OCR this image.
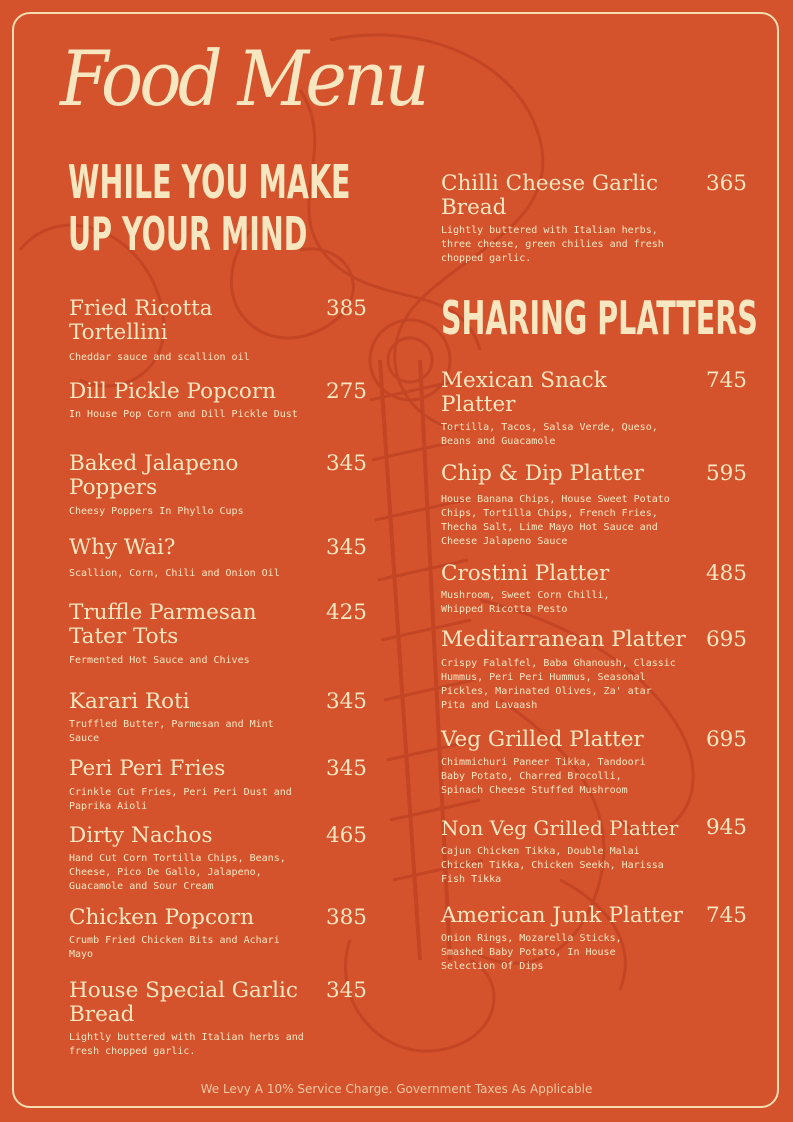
Food Menu
WHILE YOU MAKE
UP YOUR MIND
SHARING PLATTERS
Fried Ricotta Tortellini
385
Cheddar sauce and scallion oil
Dill Pickle Popcorn	275
In House Pop Corn and Dill Pickle Dust
Baked Jalapeno Poppers
345
Cheesy Poppers In Phyllo Cups
Why Wai?	345
Scallion, Corn, Chili and Onion Oil
Truffle Parmesan Tater Tots
425
Fermented Hot Sauce and Chives
Karari Roti	345
Truffled Butter, Parmesan and Mint Sauce
Peri Peri Fries	345
Crinkle Cut Fries, Peri Peri Dust and Paprika Aioli
Dirty Nachos	465
Hand Cut Corn Tortilla Chips, Beans, Cheese, Pico De Gallo, Jalapeno, Guacamole and Sour Cream
Chicken Popcorn	385
Crumb Fried Chicken Bits and Achari Mayo
House Special Garlic Bread
345
Lightly buttered with Italian herbs and fresh chopped garlic.
Chilli Cheese Garlic Bread
365
Lightly buttered with Italian herbs, three cheese, green chilies and fresh chopped garlic.
Mexican Snack Platter
745
Tortilla, Tacos, Salsa Verde, Queso, Beans and Guacamole
Chip & Dip Platter	595
House Banana Chips, House Sweet Potato Chips, Tortilla Chips, French Fries, Thecha Salt, Lime Mayo Hot Sauce and Cheese Jalapeno Sauce
Crostini Platter	485
Mushroom, Sweet Corn Chilli, Whipped Ricotta Pesto
Meditarranean Platter 695
Crispy Falalfel, Baba Ghanoush, Classic Hummus, Peri Peri Hummus, Seasonal Pickles, Marinated Olives, Za' atar Pita and Lavaash
Veg Grilled Platter	695
Chimmichuri Paneer Tikka, Tandoori Baby Potato, Charred Brocolli, Spinach Cheese Stuffed Mushroom
Non Veg Grilled Platter	945
Cajun Chicken Tikka, Double Malai Chicken Tikka, Chicken Seekh, Harissa Fish Tikka
American Junk Platter	745
Onion Rings, Mozarella Sticks, Smashed Baby Potato, In House Selection Of Dips
We Levy A 10% Service Charge. Government Taxes As Applicable
